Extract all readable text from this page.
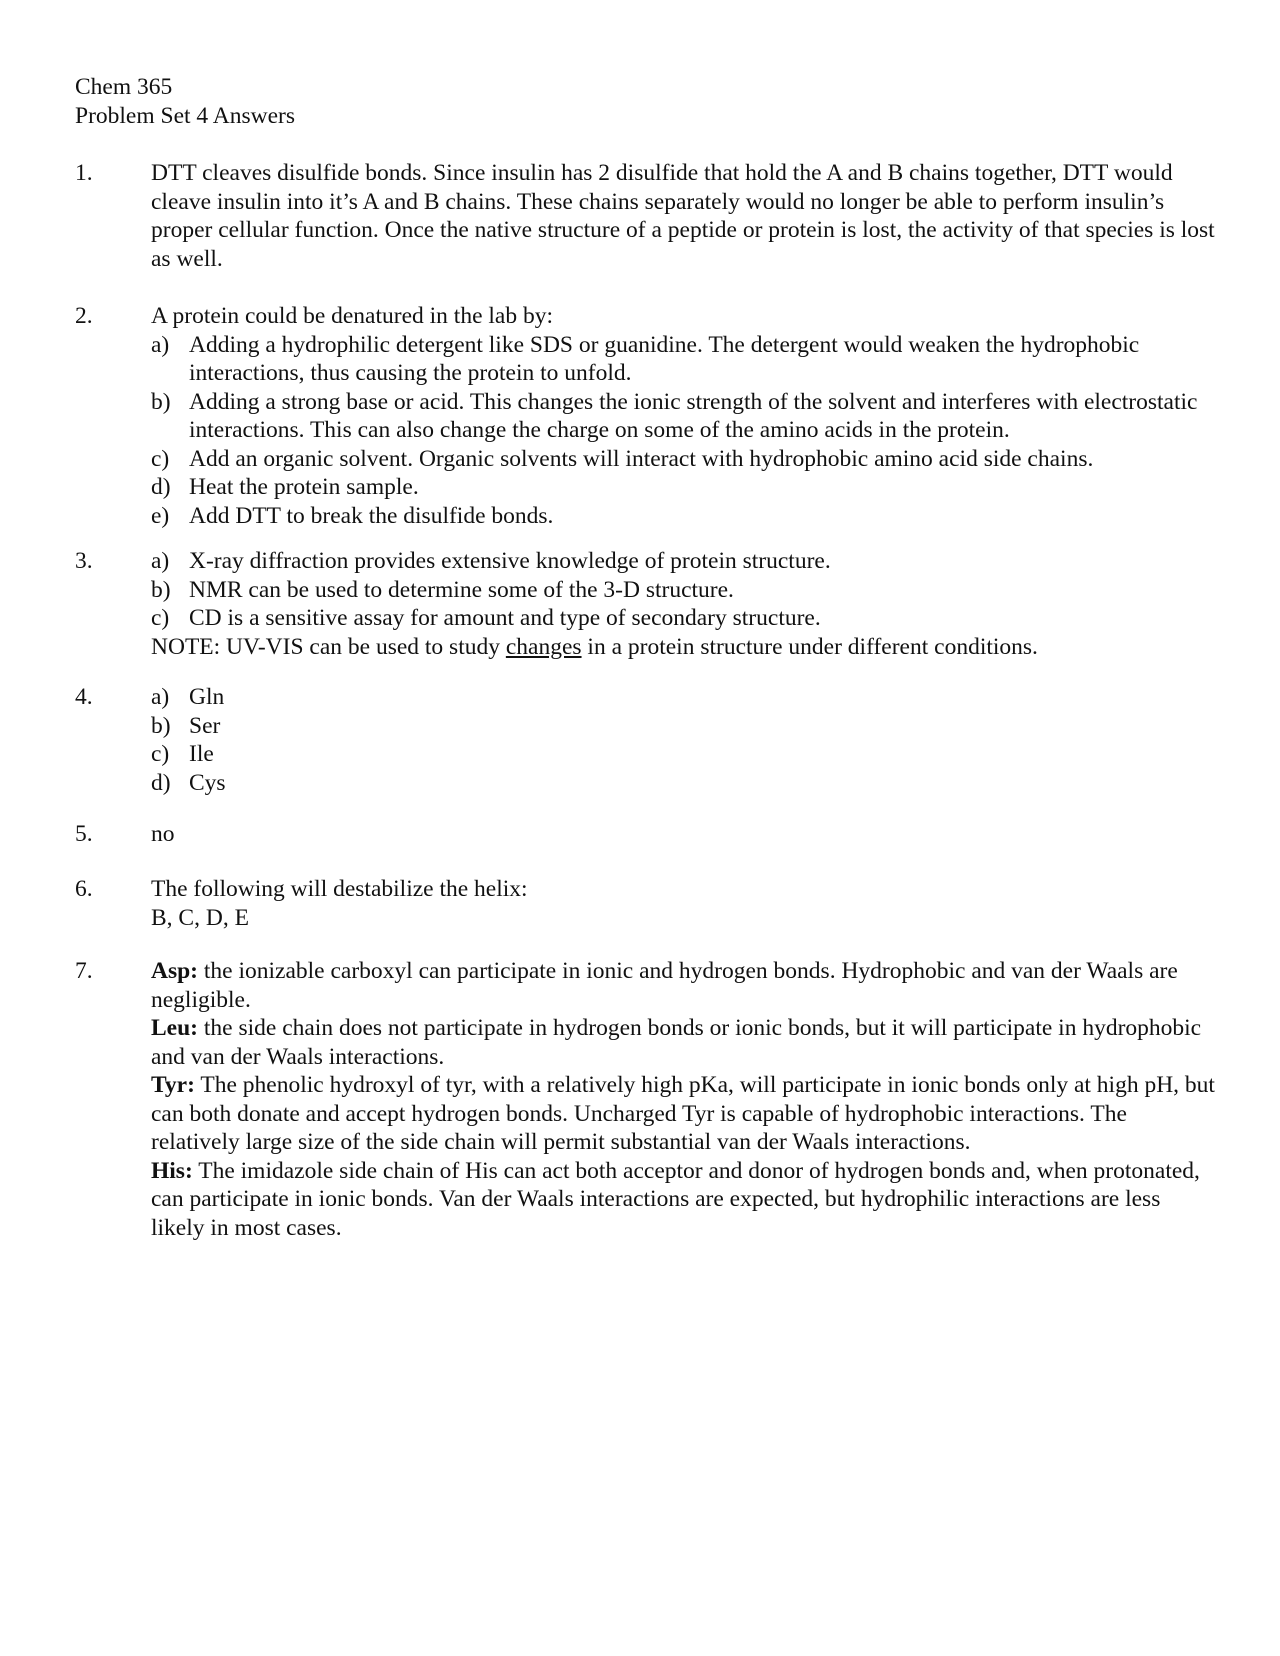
Chem 365
Problem Set 4 Answers
1. DTT cleaves disulfide bonds. Since insulin has 2 disulfide that hold the A and B chains together, DTT would cleave insulin into it’s A and B chains. These chains separately would no longer be able to perform insulin’s proper cellular function. Once the native structure of a peptide or protein is lost, the activity of that species is lost as well.
2. A protein could be denatured in the lab by:
a) Adding a hydrophilic detergent like SDS or guanidine. The detergent would weaken the hydrophobic interactions, thus causing the protein to unfold.
b) Adding a strong base or acid. This changes the ionic strength of the solvent and interferes with electrostatic interactions. This can also change the charge on some of the amino acids in the protein.
c) Add an organic solvent. Organic solvents will interact with hydrophobic amino acid side chains.
d) Heat the protein sample.
e) Add DTT to break the disulfide bonds.
3. a) X-ray diffraction provides extensive knowledge of protein structure.
b) NMR can be used to determine some of the 3-D structure.
c) CD is a sensitive assay for amount and type of secondary structure.
NOTE: UV-VIS can be used to study changes in a protein structure under different conditions.
4. a) Gln
b) Ser
c) Ile
d) Cys
5. no
6. The following will destabilize the helix:
B, C, D, E
7. Asp: the ionizable carboxyl can participate in ionic and hydrogen bonds. Hydrophobic and van der Waals are negligible.
Leu: the side chain does not participate in hydrogen bonds or ionic bonds, but it will participate in hydrophobic and van der Waals interactions.
Tyr: The phenolic hydroxyl of tyr, with a relatively high pKa, will participate in ionic bonds only at high pH, but can both donate and accept hydrogen bonds. Uncharged Tyr is capable of hydrophobic interactions. The relatively large size of the side chain will permit substantial van der Waals interactions.
His: The imidazole side chain of His can act both acceptor and donor of hydrogen bonds and, when protonated, can participate in ionic bonds. Van der Waals interactions are expected, but hydrophilic interactions are less likely in most cases.
